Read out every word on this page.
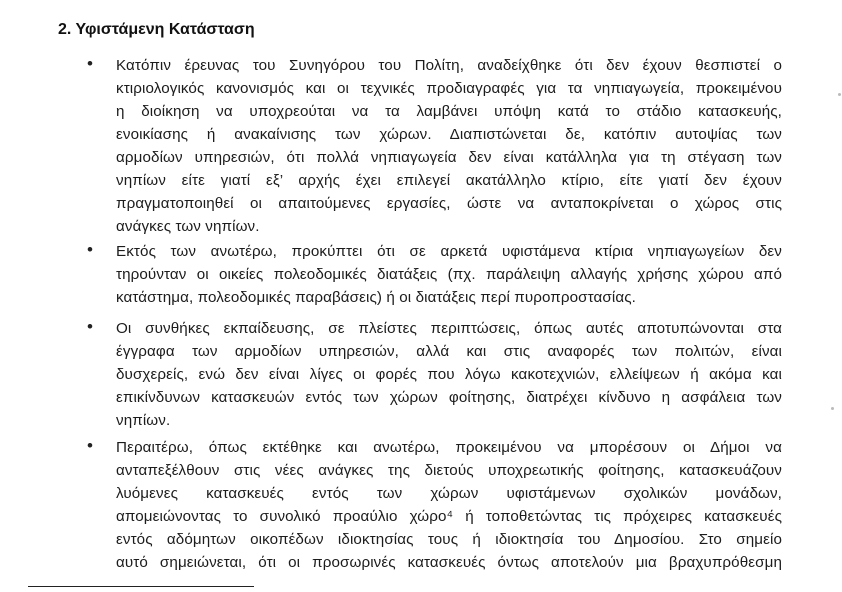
2. Υφιστάμενη Κατάσταση
• Κατόπιν έρευνας του Συνηγόρου του Πολίτη, αναδείχθηκε ότι δεν έχουν θεσπιστεί ο
κτιριολογικός κανονισμός και οι τεχνικές προδιαγραφές για τα νηπιαγωγεία, προκειμένου
η διοίκηση να υποχρεούται να τα λαμβάνει υπόψη κατά το στάδιο κατασκευής,
ενοικίασης ή ανακαίνισης των χώρων. Διαπιστώνεται δε, κατόπιν αυτοψίας των
αρμοδίων υπηρεσιών, ότι πολλά νηπιαγωγεία δεν είναι κατάλληλα για τη στέγαση των
νηπίων είτε γιατί εξ’ αρχής έχει επιλεγεί ακατάλληλο κτίριο, είτε γιατί δεν έχουν
πραγματοποιηθεί οι απαιτούμενες εργασίες, ώστε να ανταποκρίνεται ο χώρος στις
ανάγκες των νηπίων.
• Εκτός των ανωτέρω, προκύπτει ότι σε αρκετά υφιστάμενα κτίρια νηπιαγωγείων δεν
τηρούνταν οι οικείες πολεοδομικές διατάξεις (πχ. παράλειψη αλλαγής χρήσης χώρου από
κατάστημα, πολεοδομικές παραβάσεις) ή οι διατάξεις περί πυροπροστασίας.
• Οι συνθήκες εκπαίδευσης, σε πλείστες περιπτώσεις, όπως αυτές αποτυπώνονται στα
έγγραφα των αρμοδίων υπηρεσιών, αλλά και στις αναφορές των πολιτών, είναι
δυσχερείς, ενώ δεν είναι λίγες οι φορές που λόγω κακοτεχνιών, ελλείψεων ή ακόμα και
επικίνδυνων κατασκευών εντός των χώρων φοίτησης, διατρέχει κίνδυνο η ασφάλεια των
νηπίων.
• Περαιτέρω, όπως εκτέθηκε και ανωτέρω, προκειμένου να μπορέσουν οι Δήμοι να
ανταπεξέλθουν στις νέες ανάγκες της διετούς υποχρεωτικής φοίτησης, κατασκευάζουν
λυόμενες κατασκευές εντός των χώρων υφιστάμενων σχολικών μονάδων,
απομειώνοντας το συνολικό προαύλιο χώρο⁴ ή τοποθετώντας τις πρόχειρες κατασκευές
εντός αδόμητων οικοπέδων ιδιοκτησίας τους ή ιδιοκτησία του Δημοσίου. Στο σημείο
αυτό σημειώνεται, ότι οι προσωρινές κατασκευές όντως αποτελούν μια βραχυπρόθεσμη
